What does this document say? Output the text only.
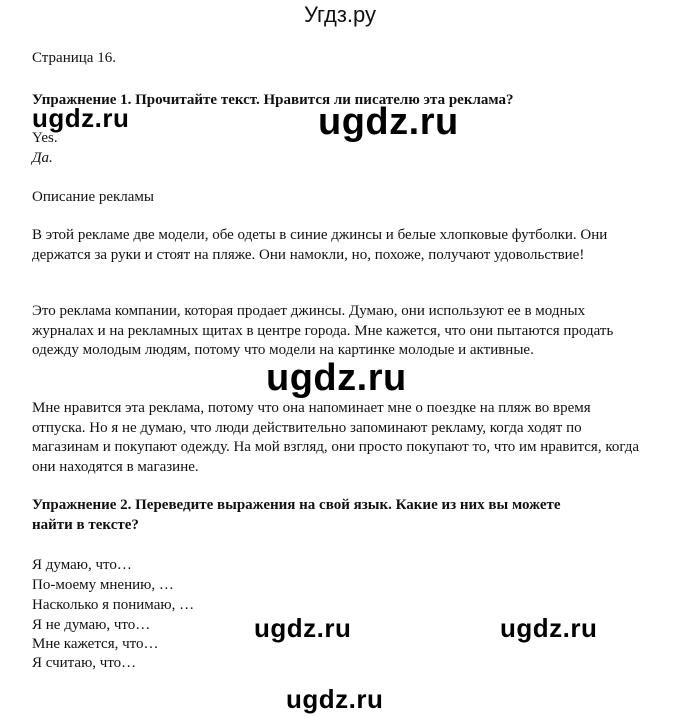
Угдз.ру
Страница 16.
Упражнение 1. Прочитайте текст. Нравится ли писателю эта реклама?
Yes.
Да.
Описание рекламы
В этой рекламе две модели, обе одеты в синие джинсы и белые хлопковые футболки. Они держатся за руки и стоят на пляже. Они намокли, но, похоже, получают удовольствие!
Это реклама компании, которая продает джинсы. Думаю, они используют ее в модных журналах и на рекламных щитах в центре города. Мне кажется, что они пытаются продать одежду молодым людям, потому что модели на картинке молодые и активные.
Мне нравится эта реклама, потому что она напоминает мне о поездке на пляж во время отпуска. Но я не думаю, что люди действительно запоминают рекламу, когда ходят по магазинам и покупают одежду. На мой взгляд, они просто покупают то, что им нравится, когда они находятся в магазине.
Упражнение 2. Переведите выражения на свой язык. Какие из них вы можете найти в тексте?
Я думаю, что…
По-моему мнению, …
Насколько я понимаю, …
Я не думаю, что…
Мне кажется, что…
Я считаю, что…
ugdz.ru	ugdz.ru
ugdz.ru
ugdz.ru	ugdz.ru
ugdz.ru
